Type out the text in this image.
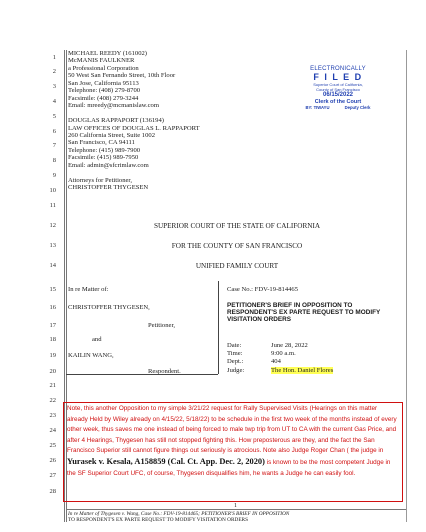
1
2
3
4
5
6
7
8
9
10
11
12
13
14
15
16
17
18
19
20
21
22
23
24
25
26
27
28
MICHAEL REEDY (161002)
McMANIS FAULKNER
a Professional Corporation
50 West San Fernando Street, 10th Floor
San Jose, California 95113
Telephone: (408) 279-8700
Facsimile: (408) 279-3244
Email: mreedy@mcmanislaw.com
DOUGLAS RAPPAPORT (136194)
LAW OFFICES OF DOUGLAS L. RAPPAPORT
260 California Street, Suite 1002
San Francisco, CA 94111
Telephone: (415) 989-7900
Facsimile: (415) 989-7950
Email: admin@sfcrimlaw.com
Attorneys for Petitioner,
CHRISTOFFER THYGESEN
ELECTRONICALLY
F I L E D
Superior Court of California,
County of San Francisco
06/15/2022
Clerk of the Court
BY: TIWAYU	Deputy Clerk
SUPERIOR COURT OF THE STATE OF CALIFORNIA
FOR THE COUNTY OF SAN FRANCISCO
UNIFIED FAMILY COURT
In re Matter of:
CHRISTOFFER THYGESEN,
Petitioner,
and
KAILIN WANG,
Respondent.
Case No.: FDV-19-814465
PETITIONER'S BRIEF IN OPPOSITION TO RESPONDENT'S EX PARTE REQUEST TO MODIFY VISITATION ORDERS
Date:	June 28, 2022
Time:	9:00 a.m.
Dept.:	404
Judge:	The Hon. Daniel Flores
Note, this another Opposition to my simple 3/21/22 request for Rally Supervised Visits (Hearings on this matter already Held by Wiley already on 4/15/22, 5/18/22) to be schedule in the first two week of the months instead of every other week, thus saves me one instead of being forced to male twp trip from UT to CA with the current Gas Price, and after 4 Hearings, Thygesen has still not stopped fighting this. How preposterous are they, and the fact the San Francisco Superior still cannot figure things out seriously is atrocious. Note also Judge Roger Chan ( the judge in Yurasek v. Kesala, A158859 (Cal. Ct. App. Dec. 2, 2020) is known to be the most competent Judge in the SF Superior Court UFC, of course, Thygesen disqualifies him, he wants a Judge he can easily fool.
1
In re Matter of Thygesen v. Wang, Case No.: FDV-19-814465; PETITIONER'S BRIEF IN OPPOSITION
TO RESPONDENT'S EX PARTE REQUEST TO MODIFY VISITATION ORDERS
